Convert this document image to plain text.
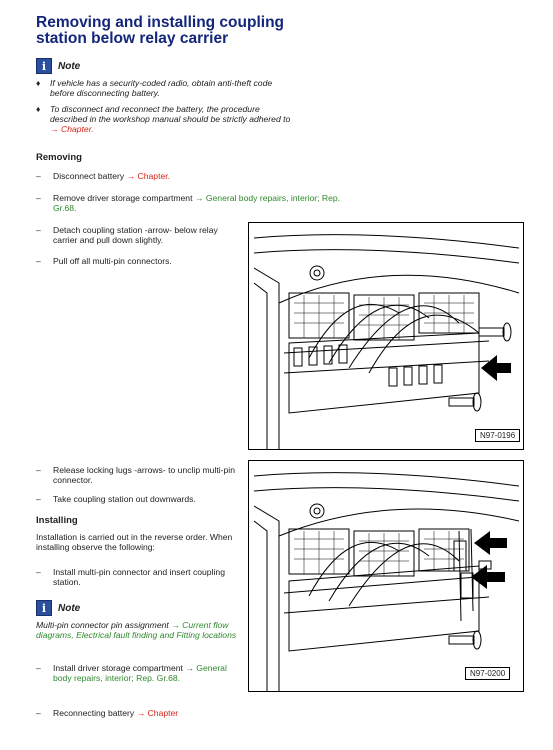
Removing and installing coupling station below relay carrier
i	Note
♦ If vehicle has a security-coded radio, obtain anti-theft code before disconnecting battery.
♦ To disconnect and reconnect the battery, the procedure described in the workshop manual should be strictly adhered to → Chapter.
Removing
– Disconnect battery → Chapter.
– Remove driver storage compartment → General body repairs, interior; Rep. Gr.68.
– Detach coupling station -arrow- below relay carrier and pull down slightly.
– Pull off all multi-pin connectors.
N97-0196
– Release locking lugs -arrows- to unclip multi-pin connector.
– Take coupling station out downwards.
Installing
Installation is carried out in the reverse order. When installing observe the following:
– Install multi-pin connector and insert coupling station.
i	Note
Multi-pin connector pin assignment → Current flow diagrams, Electrical fault finding and Fitting locations
– Install driver storage compartment → General body repairs, interior; Rep. Gr.68.
– Reconnecting battery → Chapter
N97-0200
